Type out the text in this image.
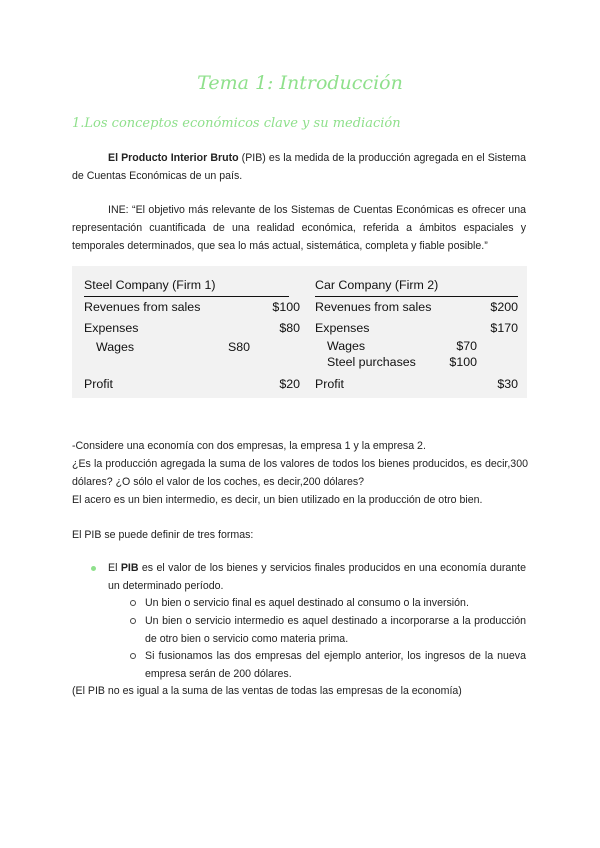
Tema 1: Introducción
1.Los conceptos económicos clave y su mediación
El Producto Interior Bruto (PIB) es la medida de la producción agregada en el Sistema de Cuentas Económicas de un país.
INE: “El objetivo más relevante de los Sistemas de Cuentas Económicas es ofrecer una representación cuantificada de una realidad económica, referida a ámbitos espaciales y temporales determinados, que sea lo más actual, sistemática, completa y fiable posible.”
Steel Company (Firm 1)
Revenues from sales	$100
Expenses	$80
Wages	S80
Profit	$20
Car Company (Firm 2)
Revenues from sales	$200
Expenses	$170
Wages	$70
Steel purchases	$100
Profit	$30
-Considere una economía con dos empresas, la empresa 1 y la empresa 2.
¿Es la producción agregada la suma de los valores de todos los bienes producidos, es decir,300 dólares? ¿O sólo el valor de los coches, es decir,200 dólares?
El acero es un bien intermedio, es decir, un bien utilizado en la producción de otro bien.
El PIB se puede definir de tres formas:
El PIB es el valor de los bienes y servicios finales producidos en una economía durante un determinado período.
Un bien o servicio final es aquel destinado al consumo o la inversión.
Un bien o servicio intermedio es aquel destinado a incorporarse a la producción de otro bien o servicio como materia prima.
Si fusionamos las dos empresas del ejemplo anterior, los ingresos de la nueva empresa serán de 200 dólares.
(El PIB no es igual a la suma de las ventas de todas las empresas de la economía)
